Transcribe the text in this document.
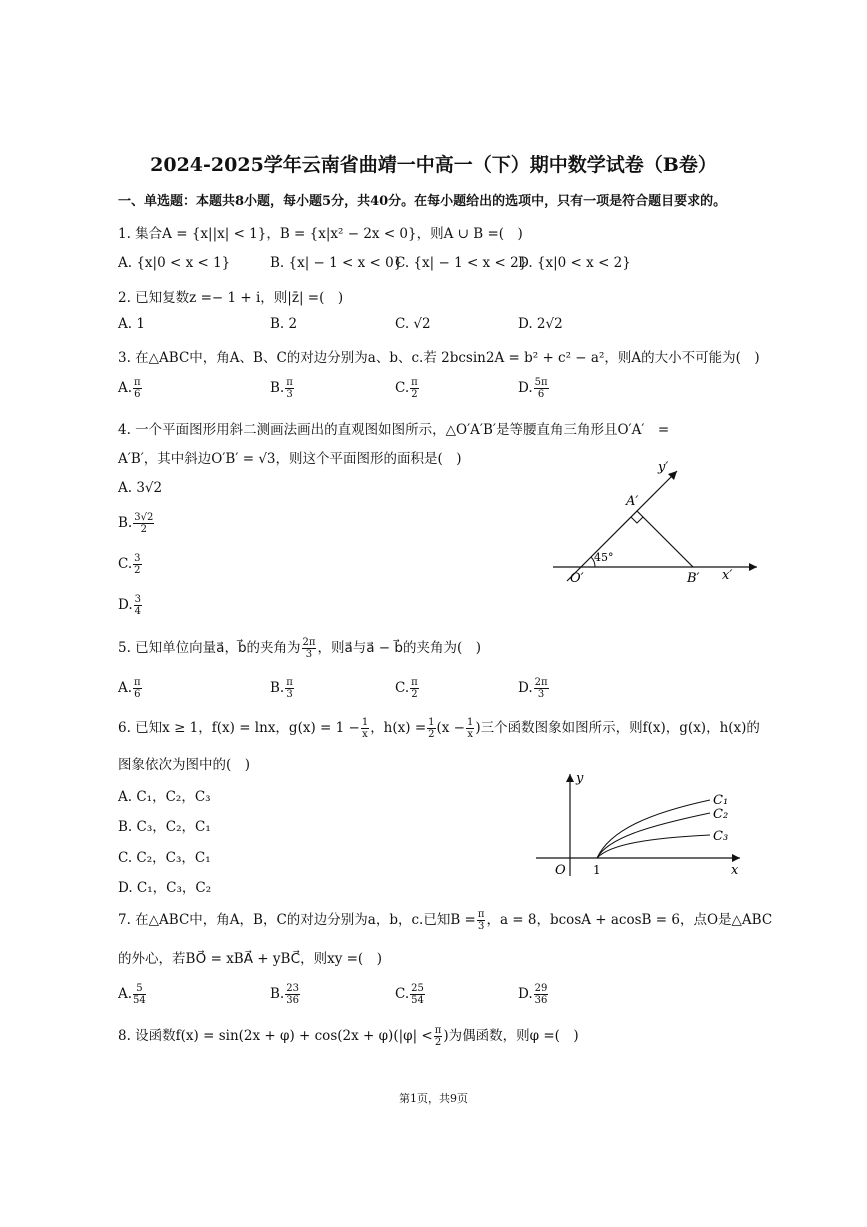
2024-2025学年云南省曲靖一中高一（下）期中数学试卷（B卷）
一、单选题：本题共8小题，每小题5分，共40分。在每小题给出的选项中，只有一项是符合题目要求的。
1. 集合A = {x||x| < 1}，B = {x|x² − 2x < 0}，则A ∪ B =(　)
A. {x|0 < x < 1}	B. {x| − 1 < x < 0}
C. {x| − 1 < x < 2}
D. {x|0 < x < 2}
2. 已知复数z =− 1 + i，则|z̄| =(　)
A. 1	B. 2	C. √2	D. 2√2
3. 在△ABC中，角A、B、C的对边分别为a、b、c.若 2bcsin2A = b² + c² − a²，则A的大小不可能为(　)
A. $\frac{\pi}{6}$	B. $\frac{\pi}{3}$	C. $\frac{\pi}{2}$	D. $\frac{5\pi}{6}$
4. 一个平面图形用斜二测画法画出的直观图如图所示，△O′A′B′是等腰直角三角形且O′A′　=
A′B′，其中斜边O′B′ = √3，则这个平面图形的面积是(　)
A. 3√2
B. $\frac{3√2}{2}$
C. $\frac{3}{2}$
D. $\frac{3}{4}$
y′
A′
45°
O′	B′ x′
5. 已知单位向量a⃗，b⃗的夹角为 $\frac{2\pi}{3}$ ，则a⃗与a⃗ − b⃗的夹角为(　)
A. $\frac{\pi}{6}$	B. $\frac{\pi}{3}$	C. $\frac{\pi}{2}$	D. $\frac{2\pi}{3}$
6. 已知x ≥ 1，f(x) = lnx，$g(x) = 1 - \frac{1}{x}$ ，$h(x) = \frac{1}{2} (x - \frac{1}{x}$ )三个函数图象如图所示，则f(x)，g(x)，h(x)的
图象依次为图中的(　)
A. C₁，C₂，C₃
B. C₃，C₂，C₁
C. C₂，C₃，C₁
D. C₁，C₃，C₂
y
C₁
C₂
C₃
O 1	x
7. 在△ABC中，角A，B，C的对边分别为a，b，c.已知$B = \frac{\pi}{3}$ ，a = 8，bcosA + acosB = 6，点O是△ABC
的外心，若BO⃗ = xBA⃗ + yBC⃗，则xy =(　)
A. $\frac{5}{54}$	B. $\frac{23}{36}$	C. $\frac{25}{54}$	D. $\frac{29}{36}$
8. 设函数$f(x) = \sin(2x + \varphi) + \cos(2x + \varphi)(|\varphi| < \frac{\pi}{2}$ )为偶函数，则φ =(　)
第1页，共9页
